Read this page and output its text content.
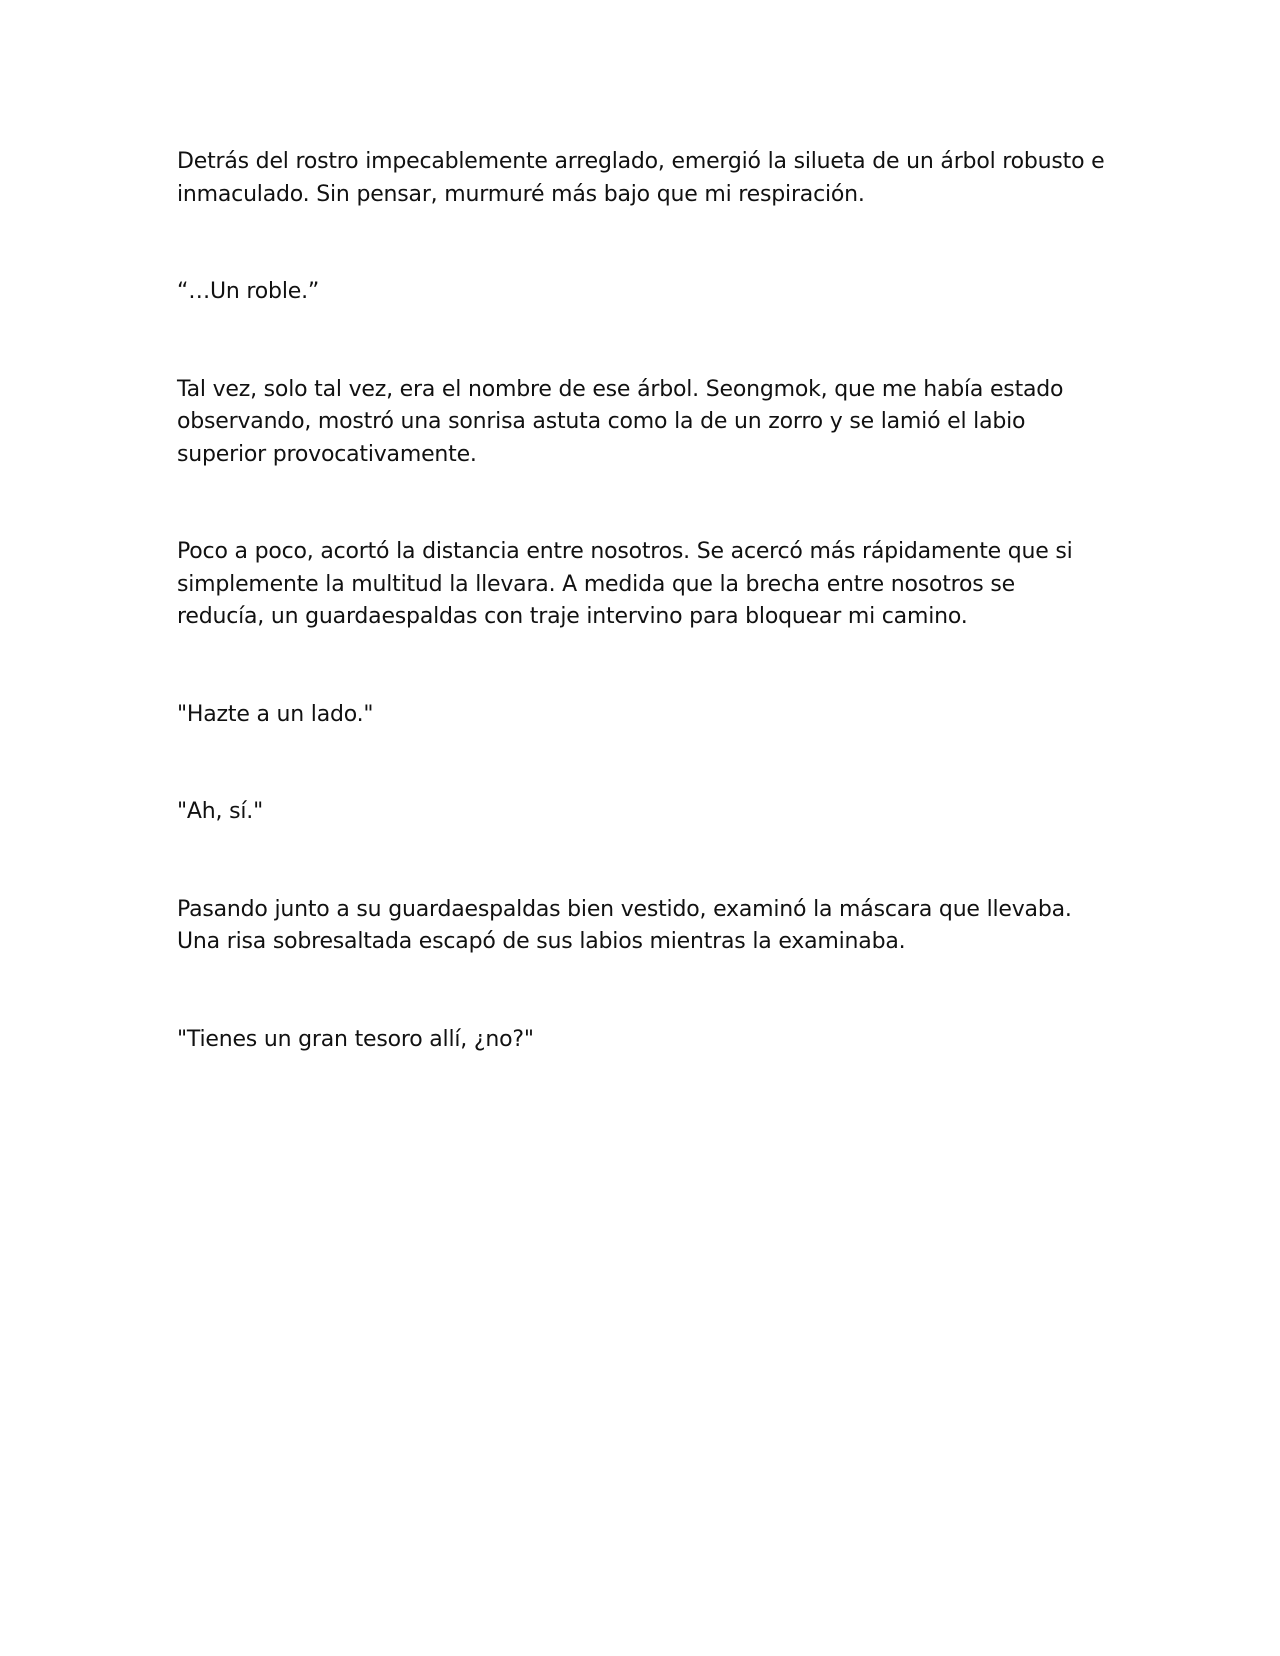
Detrás del rostro impecablemente arreglado, emergió la silueta de un árbol robusto e inmaculado. Sin pensar, murmuré más bajo que mi respiración.

“…Un roble.”

Tal vez, solo tal vez, era el nombre de ese árbol. Seongmok, que me había estado observando, mostró una sonrisa astuta como la de un zorro y se lamió el labio superior provocativamente.

Poco a poco, acortó la distancia entre nosotros. Se acercó más rápidamente que si simplemente la multitud la llevara. A medida que la brecha entre nosotros se reducía, un guardaespaldas con traje intervino para bloquear mi camino.

"Hazte a un lado."

"Ah, sí."

Pasando junto a su guardaespaldas bien vestido, examinó la máscara que llevaba. Una risa sobresaltada escapó de sus labios mientras la examinaba.

"Tienes un gran tesoro allí, ¿no?"
